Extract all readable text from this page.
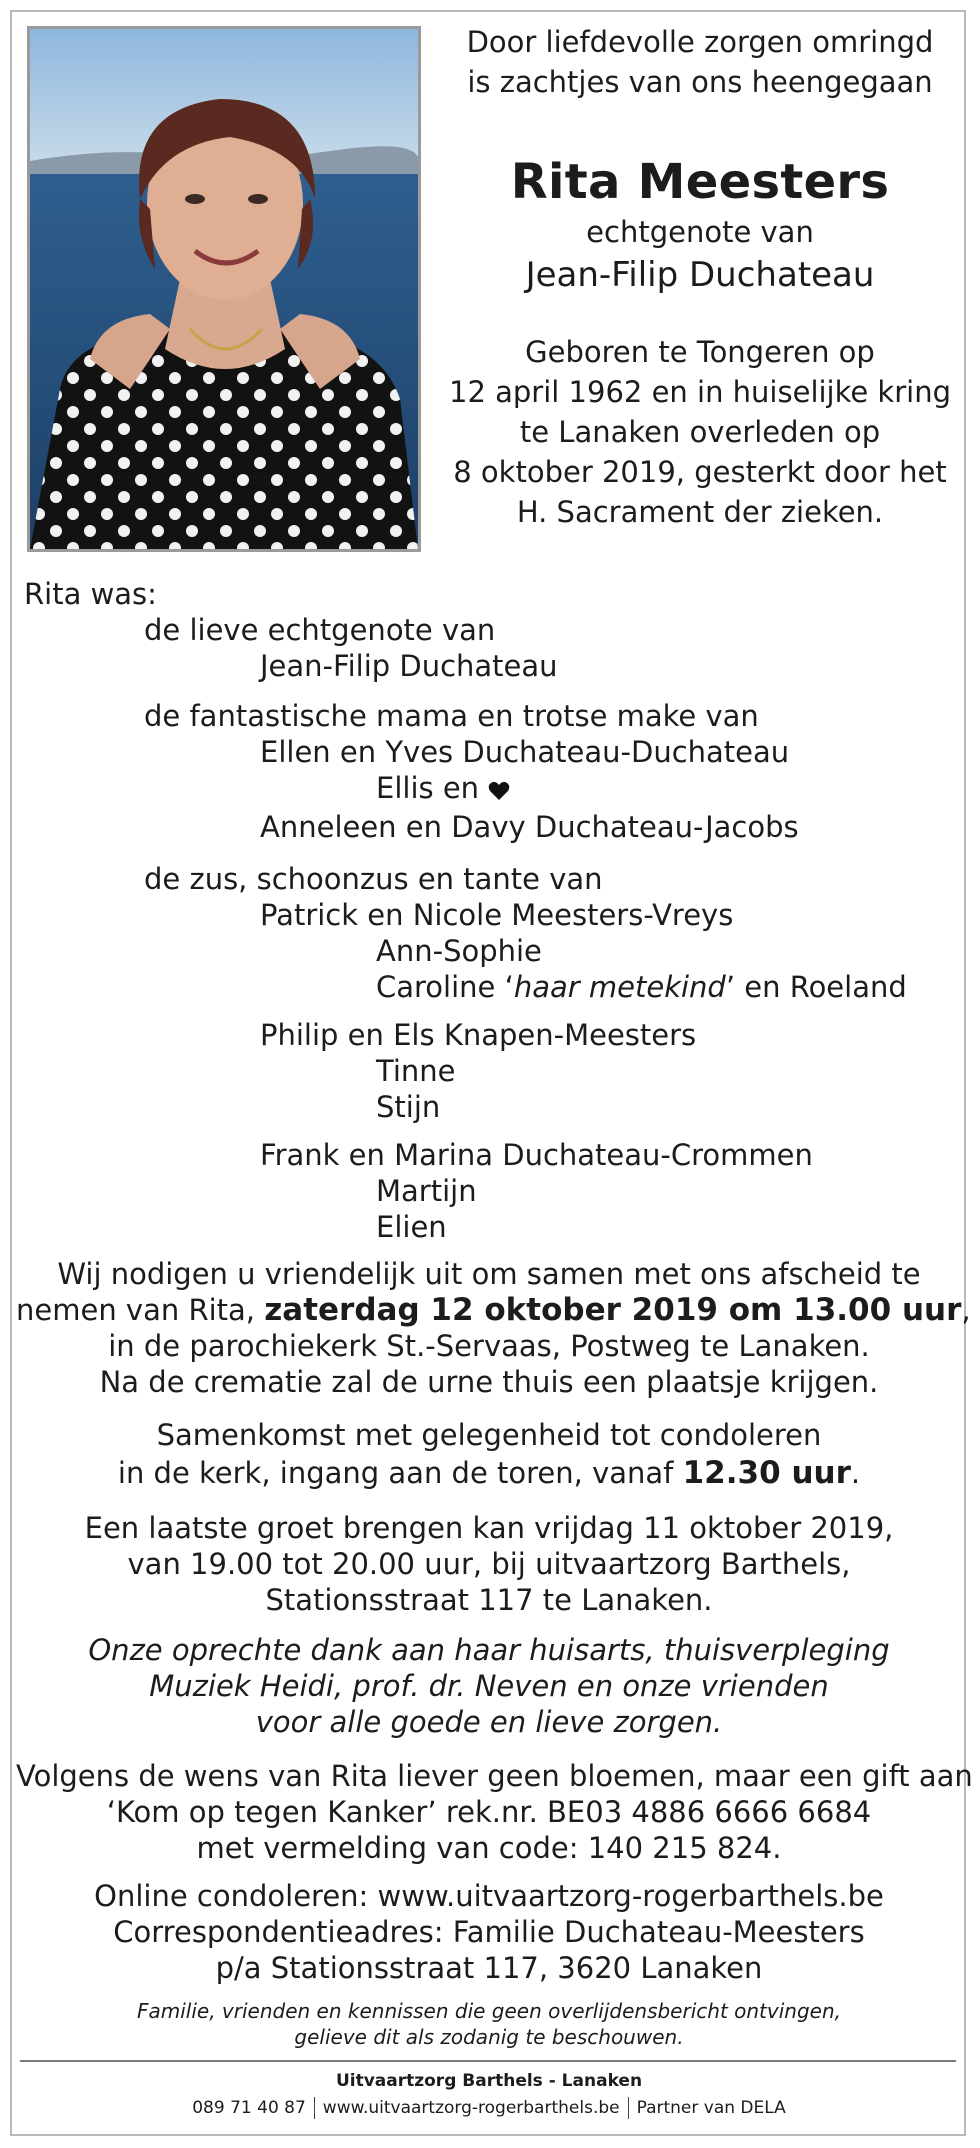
Door liefdevolle zorgen omringd
is zachtjes van ons heengegaan
Rita Meesters
echtgenote van
Jean-Filip Duchateau
Geboren te Tongeren op
12 april 1962 en in huiselijke kring
te Lanaken overleden op
8 oktober 2019, gesterkt door het
H. Sacrament der zieken.
Rita was:
de lieve echtgenote van
Jean-Filip Duchateau
de fantastische mama en trotse make van
Ellen en Yves Duchateau-Duchateau
Ellis en
Anneleen en Davy Duchateau-Jacobs
de zus, schoonzus en tante van
Patrick en Nicole Meesters-Vreys
Ann-Sophie
Caroline ‘haar metekind’ en Roeland
Philip en Els Knapen-Meesters
Tinne
Stijn
Frank en Marina Duchateau-Crommen
Martijn
Elien
Wij nodigen u vriendelijk uit om samen met ons afscheid te
nemen van Rita, zaterdag 12 oktober 2019 om 13.00 uur,
in de parochiekerk St.-Servaas, Postweg te Lanaken.
Na de crematie zal de urne thuis een plaatsje krijgen.
Samenkomst met gelegenheid tot condoleren
in de kerk, ingang aan de toren, vanaf 12.30 uur.
Een laatste groet brengen kan vrijdag 11 oktober 2019,
van 19.00 tot 20.00 uur, bij uitvaartzorg Barthels,
Stationsstraat 117 te Lanaken.
Onze oprechte dank aan haar huisarts, thuisverpleging
Muziek Heidi, prof. dr. Neven en onze vrienden
voor alle goede en lieve zorgen.
Volgens de wens van Rita liever geen bloemen, maar een gift aan
‘Kom op tegen Kanker’ rek.nr. BE03 4886 6666 6684
met vermelding van code: 140 215 824.
Online condoleren: www.uitvaartzorg-rogerbarthels.be
Correspondentieadres: Familie Duchateau-Meesters
p/a Stationsstraat 117, 3620 Lanaken
Familie, vrienden en kennissen die geen overlijdensbericht ontvingen,
gelieve dit als zodanig te beschouwen.
Uitvaartzorg Barthels - Lanaken
089 71 40 87 www.uitvaartzorg-rogerbarthels.be Partner van DELA
